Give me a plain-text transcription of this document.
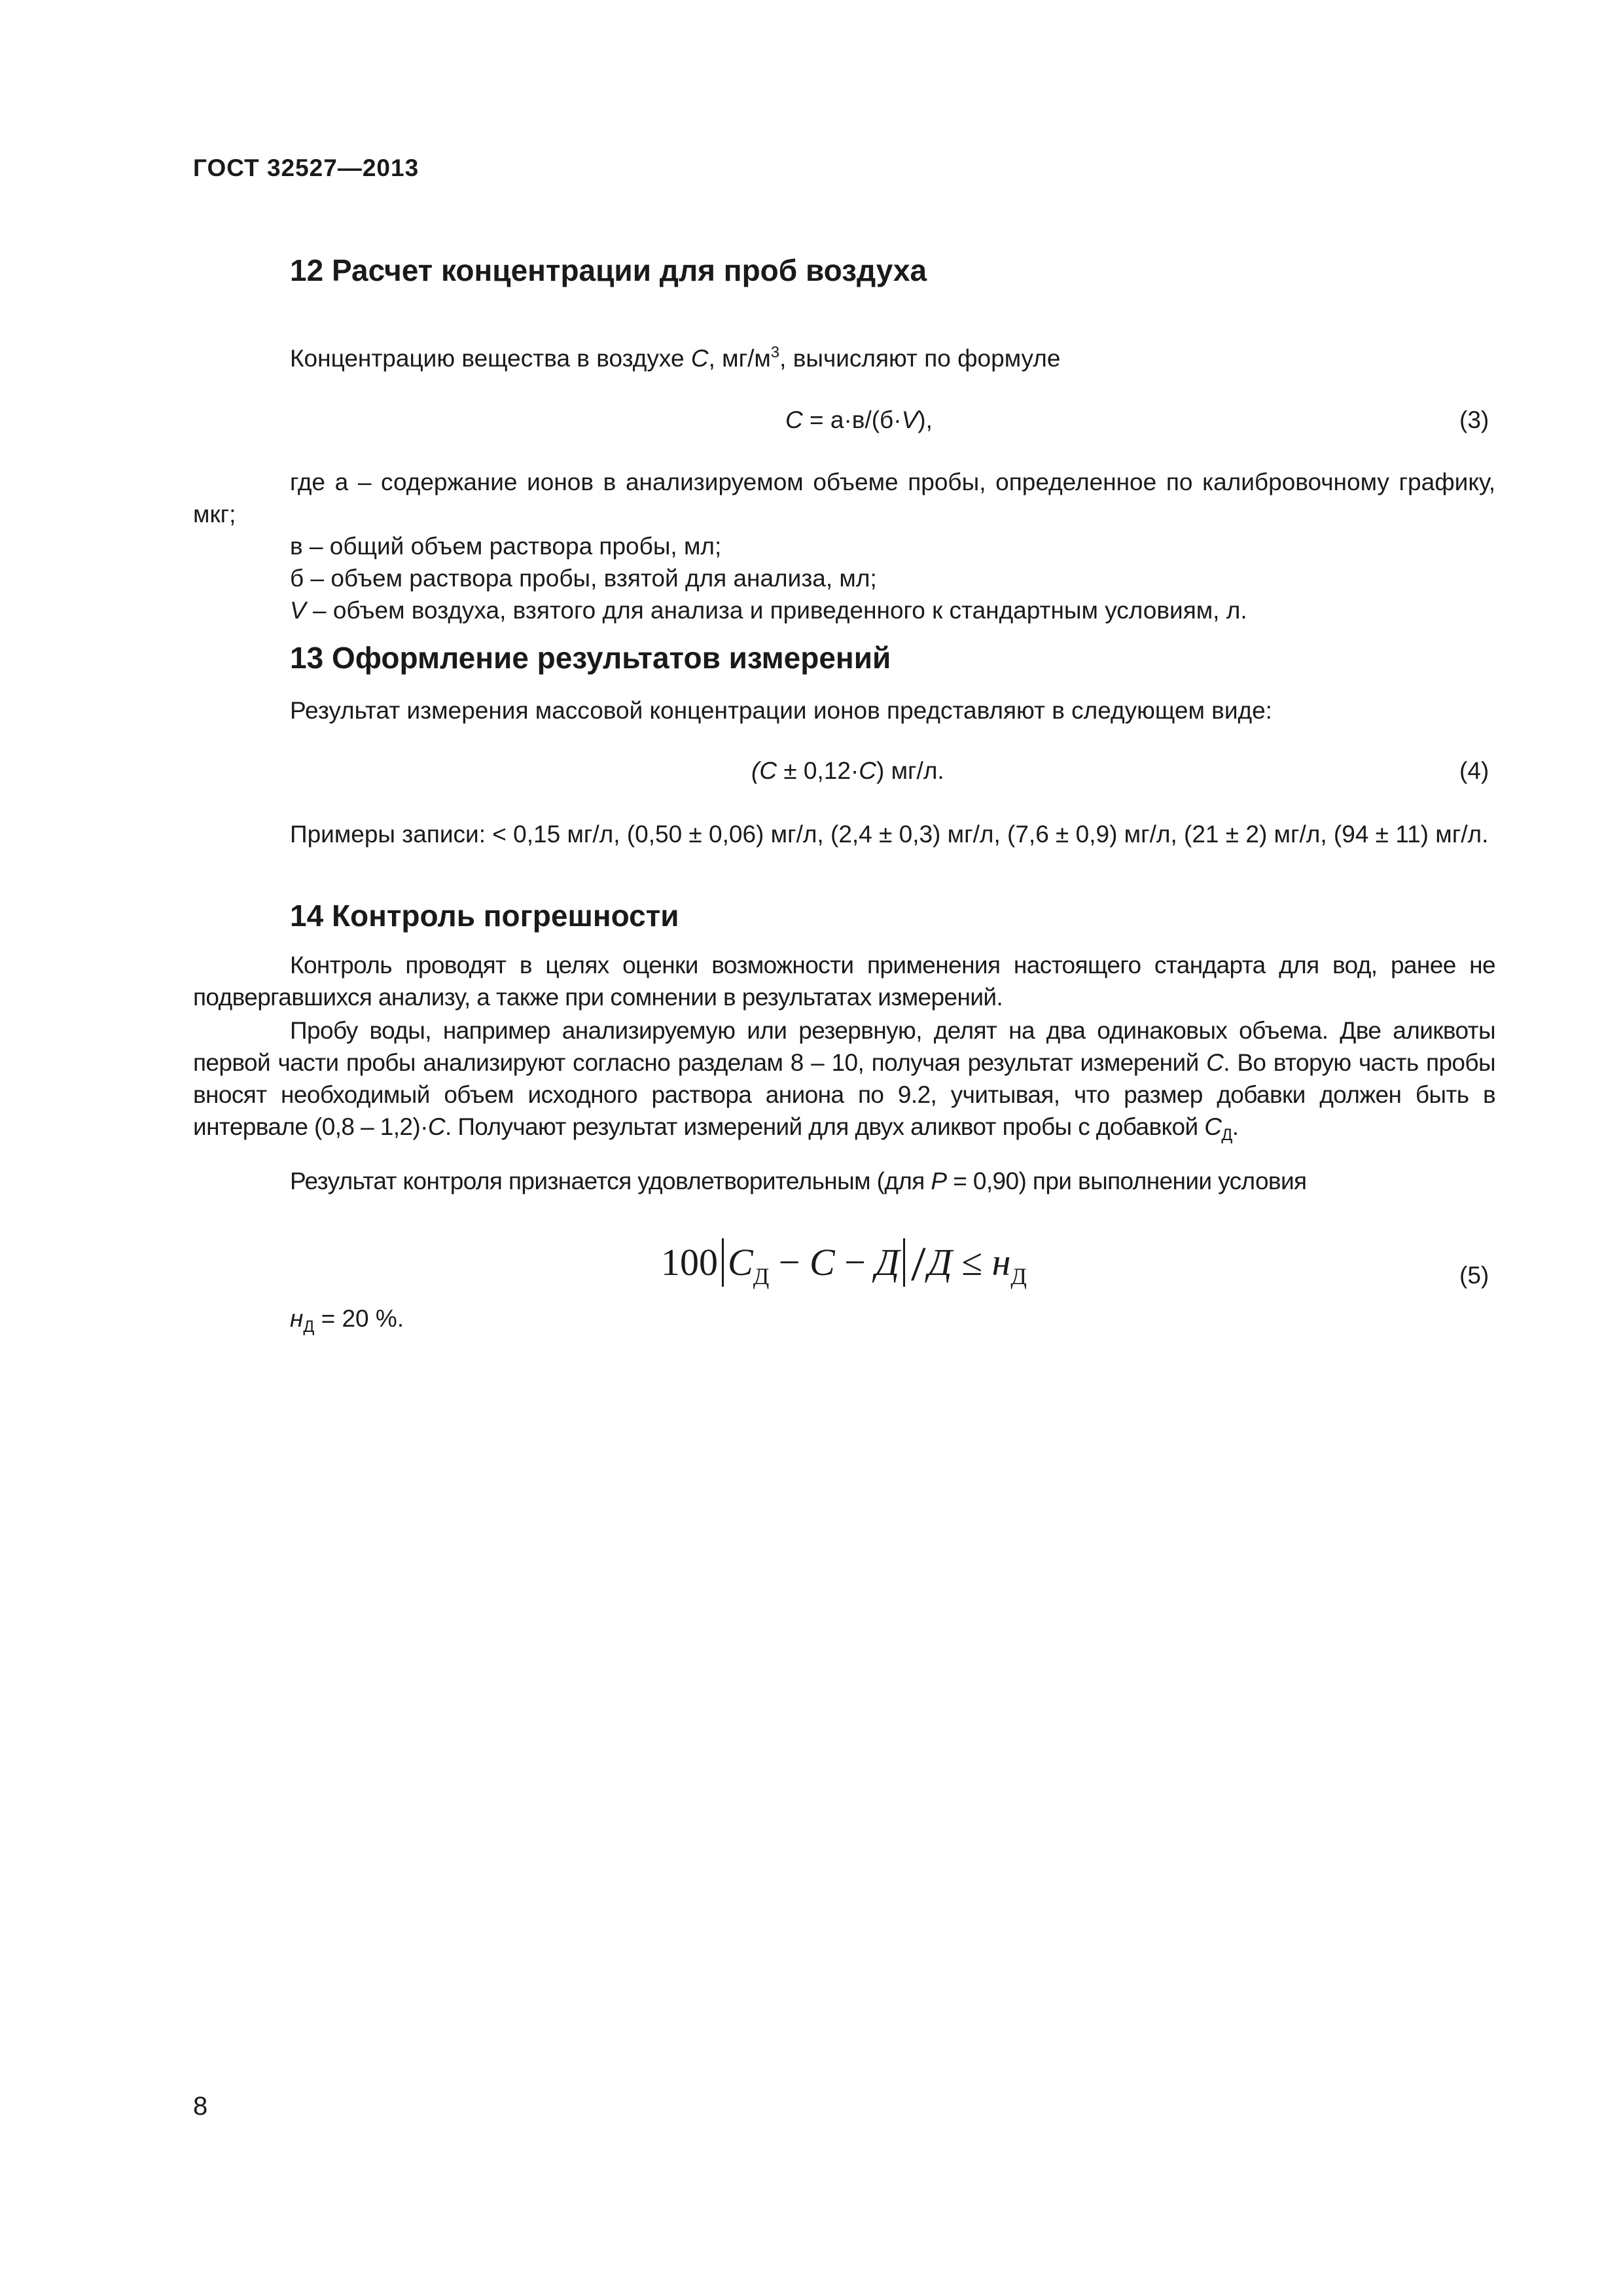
ГОСТ 32527—2013
12 Расчет концентрации для проб воздуха
Концентрацию вещества в воздухе C, $мг/м^3$, вычисляют по формуле
C = а·в/(б·V),	(3)
где а – содержание ионов в анализируемом объеме пробы, определенное по калибровочному графику, мкг;
в – общий объем раствора пробы, мл;
б – объем раствора пробы, взятой для анализа, мл;
V – объем воздуха, взятого для анализа и приведенного к стандартным условиям, л.
13 Оформление результатов измерений
Результат измерения массовой концентрации ионов представляют в следующем виде:
(C ± 0,12·C) мг/л.	(4)
Примеры записи: < 0,15 мг/л, (0,50 ± 0,06) мг/л, (2,4 ± 0,3) мг/л, (7,6 ± 0,9) мг/л, (21 ± 2) мг/л, (94 ± 11) мг/л.
14 Контроль погрешности
Контроль проводят в целях оценки возможности применения настоящего стандарта для вод, ранее не подвергавшихся анализу, а также при сомнении в результатах измерений.
Пробу воды, например анализируемую или резервную, делят на два одинаковых объема. Две аликвоты первой части пробы анализируют согласно разделам 8 – 10, получая результат измерений C. Во вторую часть пробы вносят необходимый объем исходного раствора аниона по 9.2, учитывая, что размер добавки должен быть в интервале (0,8 – 1,2)·C. Получают результат измерений для двух аликвот пробы с добавкой $C_Д$.
Результат контроля признается удовлетворительным (для P = 0,90) при выполнении условия
100 $C_Д - C - Д$ $/Д \le н_Д$	(5)
$н_Д = 20$ %.
8
